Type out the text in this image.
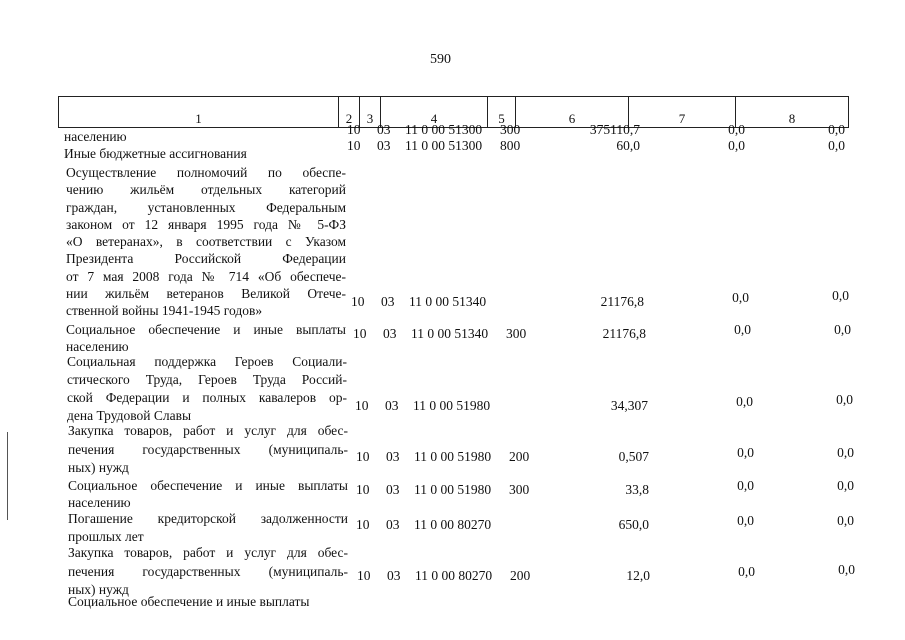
590
1	2	3	4	5	6	7	8
населению	10 03 11 0 00 51300 300	375110,7	0,0	0,0
Иные бюджетные ассигнования
10 03 11 0 00 51300 800	60,0	0,0	0,0
Осуществление полномочий по обеспе-
чению жильём отдельных категорий
граждан, установленных Федеральным
законом от 12 января 1995 года № 5-ФЗ
«О ветеранах», в соответствии с Указом
Президента Российской Федерации
от 7 мая 2008 года № 714 «Об обеспече-
нии жильём ветеранов Великой Отече-
ственной войны 1941-1945 годов»
10 03 11 0 00 51340	21176,8	0,0	0,0
Социальное обеспечение и иные выплаты
населению
10 03 11 0 00 51340 300	21176,8	0,0	0,0
Социальная поддержка Героев Социали-
стического Труда, Героев Труда Россий-
ской Федерации и полных кавалеров ор-
дена Трудовой Славы
10 03 11 0 00 51980	34,307	0,0	0,0
Закупка товаров, работ и услуг для обес-
печения государственных (муниципаль-
ных) нужд
10 03 11 0 00 51980 200	0,507	0,0	0,0
Социальное обеспечение и иные выплаты
населению
10 03 11 0 00 51980 300	33,8	0,0	0,0
Погашение кредиторской задолженности
прошлых лет
10 03 11 0 00 80270	650,0	0,0	0,0
Закупка товаров, работ и услуг для обес-
печения государственных (муниципаль-
ных) нужд
10 03 11 0 00 80270 200	12,0	0,0	0,0
Социальное обеспечение и иные выплаты
